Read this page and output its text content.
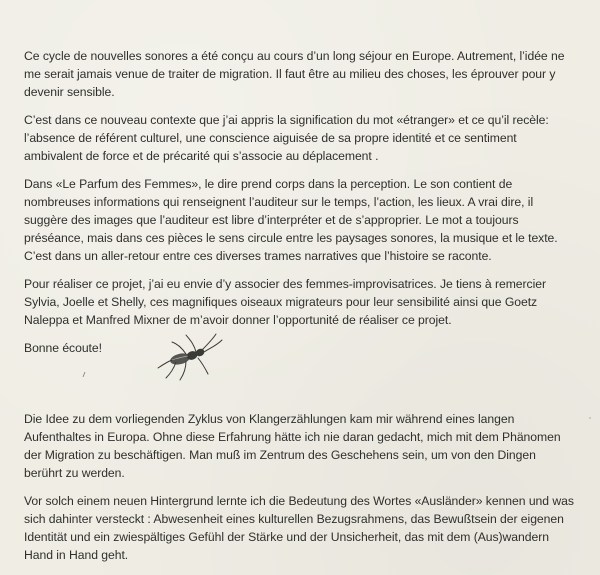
Ce cycle de nouvelles sonores a été conçu au cours d’un long séjour en Europe. Autrement, l’idée ne me serait jamais venue de traiter de migration. Il faut être au milieu des choses, les éprouver pour y devenir sensible.

C’est dans ce nouveau contexte que j’ai appris la signification du mot «étranger» et ce qu’il recèle: l’absence de référent culturel, une conscience aiguisée de sa propre identité et ce sentiment ambivalent de force et de précarité qui s’associe au déplacement .

Dans «Le Parfum des Femmes», le dire prend corps dans la perception. Le son contient de nombreuses informations qui renseignent l’auditeur sur le temps, l’action, les lieux. A vrai dire, il suggère des images que l’auditeur est libre d’interpréter et de s’approprier. Le mot a toujours préséance, mais dans ces pièces le sens circule entre les paysages sonores, la musique et le texte. C’est dans un aller-retour entre ces diverses trames narratives que l’histoire se raconte.

Pour réaliser ce projet, j’ai eu envie d’y associer des femmes-improvisatrices. Je tiens à remercier Sylvia, Joelle et Shelly, ces magnifiques oiseaux migrateurs pour leur sensibilité ainsi que Goetz Naleppa et Manfred Mixner de m’avoir donner l’opportunité de réaliser ce projet.

Bonne écoute!

Die Idee zu dem vorliegenden Zyklus von Klangerzählungen kam mir während eines langen Aufenthaltes in Europa. Ohne diese Erfahrung hätte ich nie daran gedacht, mich mit dem Phänomen der Migration zu beschäftigen. Man muß im Zentrum des Geschehens sein, um von den Dingen berührt zu werden.

Vor solch einem neuen Hintergrund lernte ich die Bedeutung des Wortes «Ausländer» kennen und was sich dahinter versteckt : Abwesenheit eines kulturellen Bezugsrahmens, das Bewußtsein der eigenen Identität und ein zwiespältiges Gefühl der Stärke und der Unsicherheit, das mit dem (Aus)wandern Hand in Hand geht.
